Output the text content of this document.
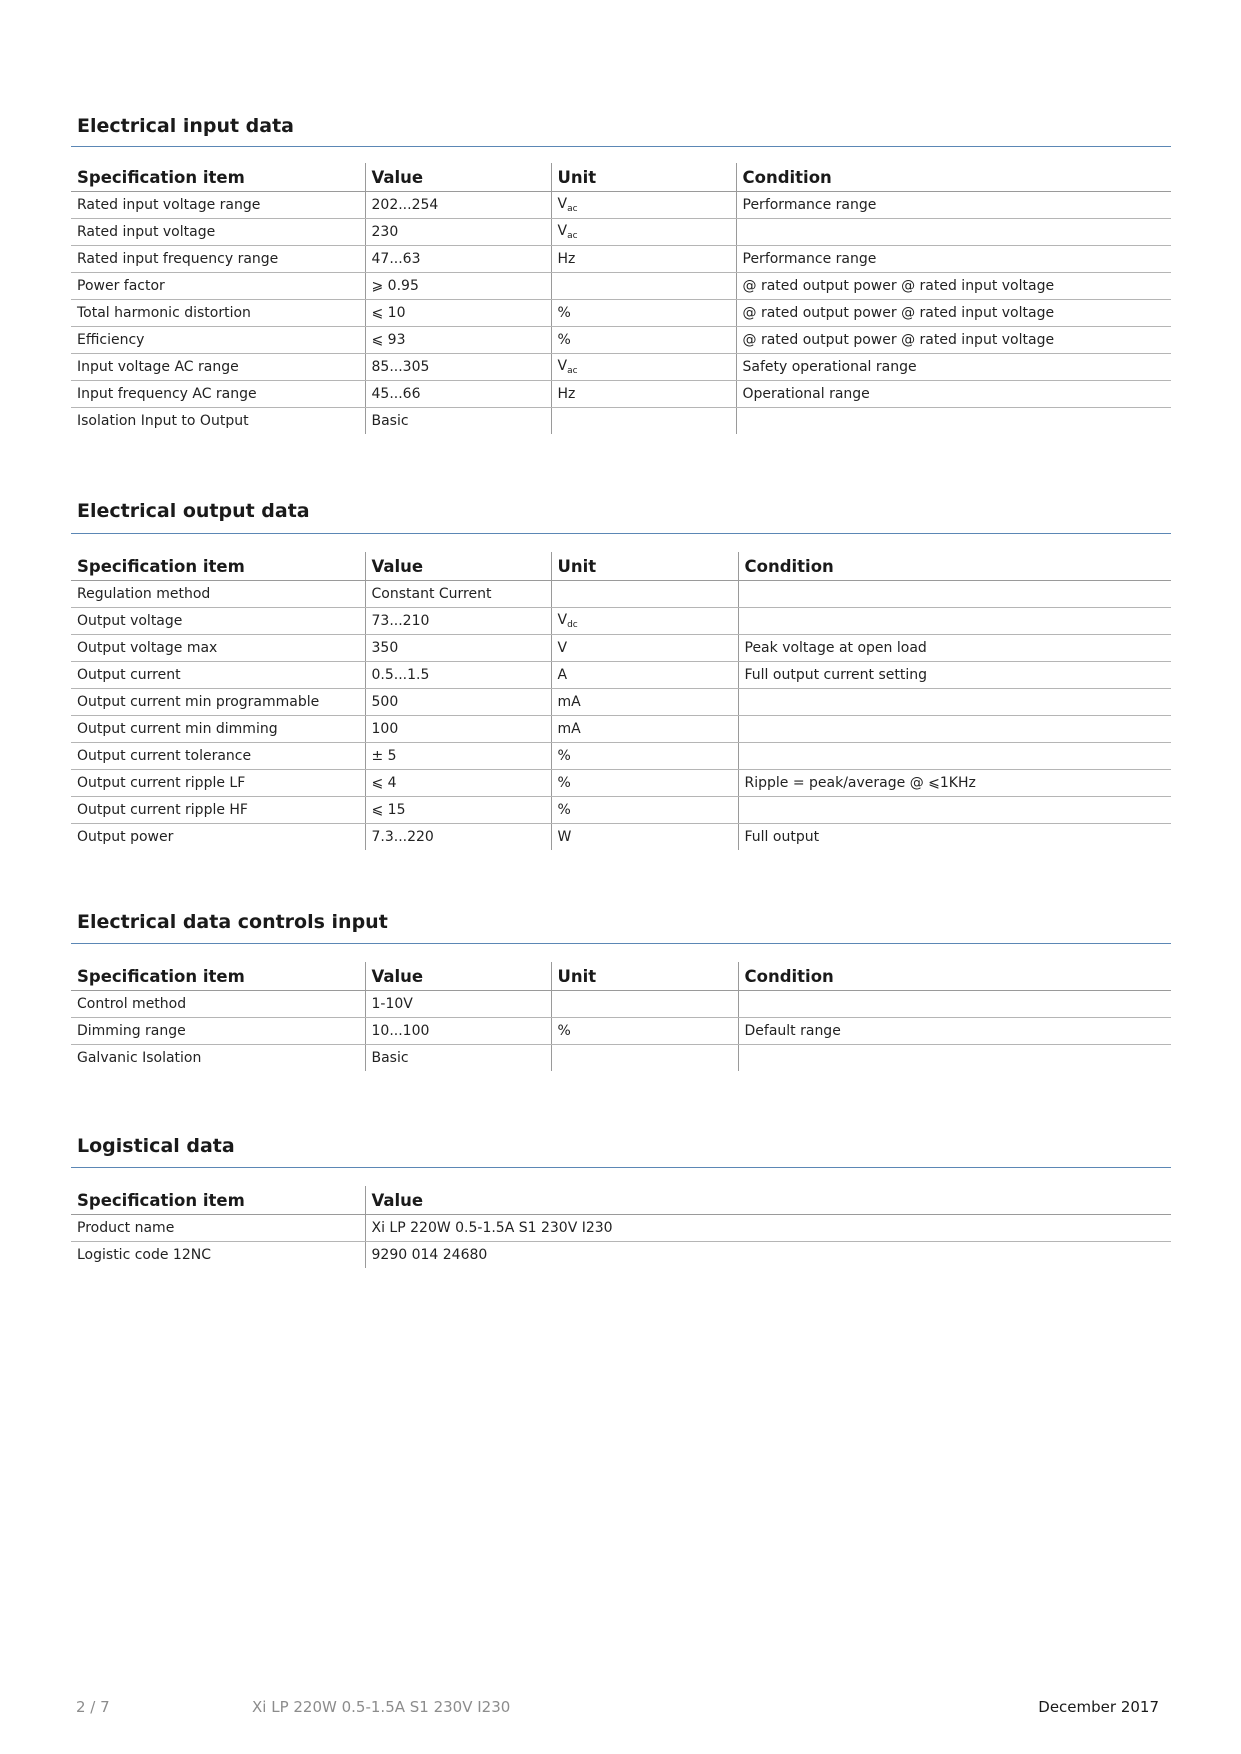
Electrical input data
Specification item	Value	Unit	Condition
Rated input voltage range	202...254	$V_{ac}$	Performance range
Rated input voltage	230	$V_{ac}$	
Rated input frequency range	47...63	Hz	Performance range
Power factor	⩾ 0.95		@ rated output power @ rated input voltage
Total harmonic distortion	⩽ 10	%	@ rated output power @ rated input voltage
Efficiency	⩽ 93	%	@ rated output power @ rated input voltage
Input voltage AC range	85...305	$V_{ac}$	Safety operational range
Input frequency AC range	45...66	Hz	Operational range
Isolation Input to Output	Basic		
Electrical output data
Specification item	Value	Unit	Condition
Regulation method	Constant Current		
Output voltage	73...210	$V_{dc}$	
Output voltage max	350	V	Peak voltage at open load
Output current	0.5...1.5	A	Full output current setting
Output current min programmable	500	mA	
Output current min dimming	100	mA	
Output current tolerance	± 5	%	
Output current ripple LF	⩽ 4	%	Ripple = peak/average @ ⩽1KHz
Output current ripple HF	⩽ 15	%	
Output power	7.3...220	W	Full output
Electrical data controls input
Specification item	Value	Unit	Condition
Control method	1-10V		
Dimming range	10...100	%	Default range
Galvanic Isolation	Basic		
Logistical data
Specification item	Value
Product name	Xi LP 220W 0.5-1.5A S1 230V I230
Logistic code 12NC	9290 014 24680
2 / 7	Xi LP 220W 0.5-1.5A S1 230V I230	December 2017
